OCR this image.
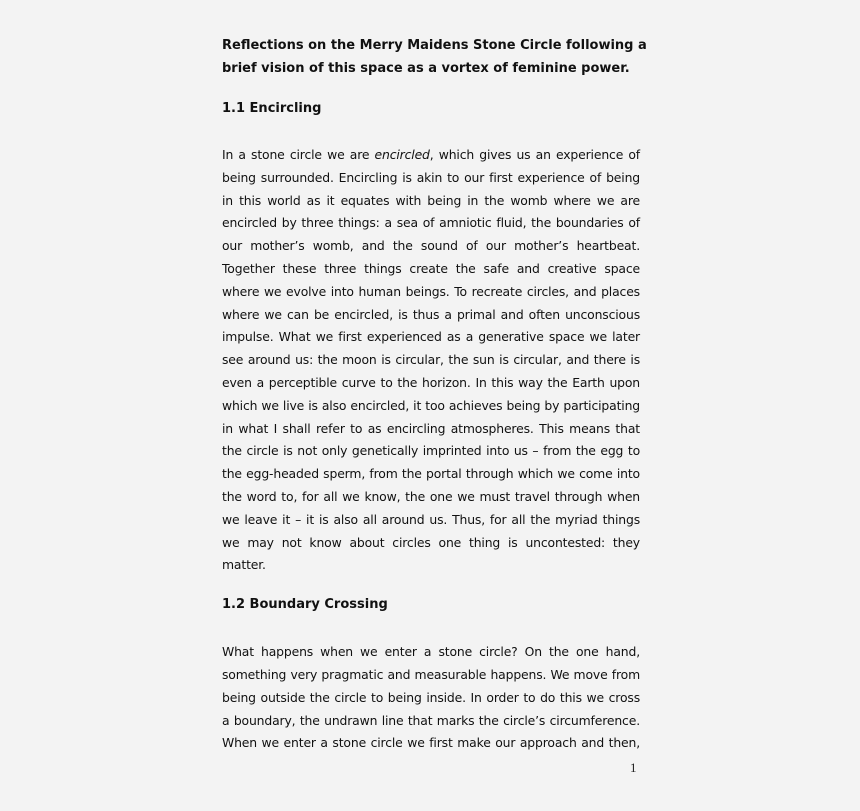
Reflections on the Merry Maidens Stone Circle following a
brief vision of this space as a vortex of feminine power.
1.1 Encircling
In a stone circle we are encircled, which gives us an experience of
being surrounded. Encircling is akin to our first experience of being
in this world as it equates with being in the womb where we are
encircled by three things: a sea of amniotic fluid, the boundaries of
our mother’s womb, and the sound of our mother’s heartbeat.
Together these three things create the safe and creative space
where we evolve into human beings. To recreate circles, and places
where we can be encircled, is thus a primal and often unconscious
impulse. What we first experienced as a generative space we later
see around us: the moon is circular, the sun is circular, and there is
even a perceptible curve to the horizon. In this way the Earth upon
which we live is also encircled, it too achieves being by participating
in what I shall refer to as encircling atmospheres. This means that
the circle is not only genetically imprinted into us – from the egg to
the egg-headed sperm, from the portal through which we come into
the word to, for all we know, the one we must travel through when
we leave it – it is also all around us. Thus, for all the myriad things
we may not know about circles one thing is uncontested: they
matter.
1.2 Boundary Crossing
What happens when we enter a stone circle? On the one hand,
something very pragmatic and measurable happens. We move from
being outside the circle to being inside. In order to do this we cross
a boundary, the undrawn line that marks the circle’s circumference.
When we enter a stone circle we first make our approach and then,
1
